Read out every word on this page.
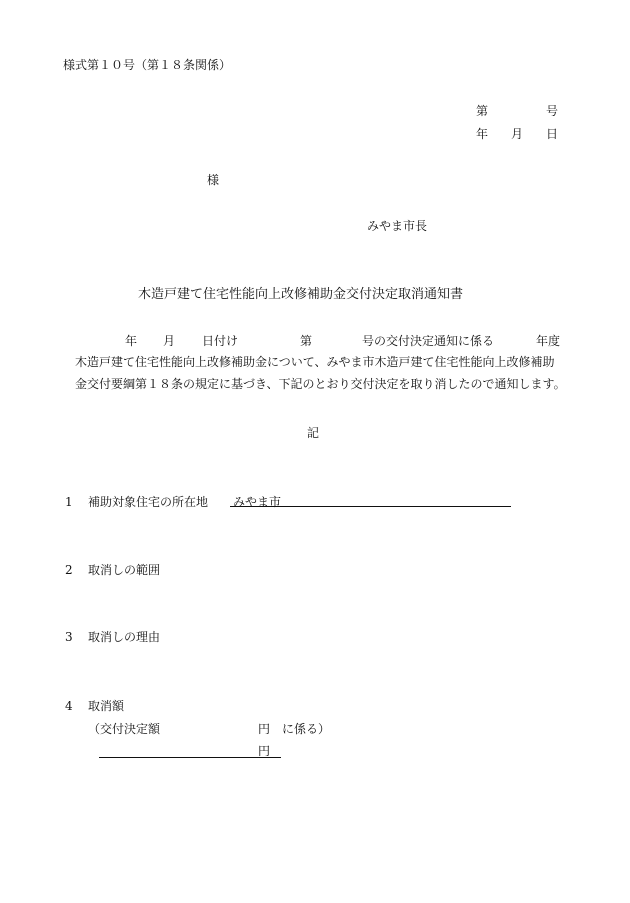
様式第１０号（第１８条関係）
第	号
年 月 日
様
みやま市長
木造戸建て住宅性能向上改修補助金交付決定取消通知書
年 月 日付け	第	号の交付決定通知に係る	年度
木造戸建て住宅性能向上改修補助金について、みやま市木造戸建て住宅性能向上改修補助
金交付要綱第１８条の規定に基づき、下記のとおり交付決定を取り消したので通知します。
記
1 補助対象住宅の所在地 みやま市
2 取消しの範囲
3 取消しの理由
4 取消額
（交付決定額	円 に係る）
円
